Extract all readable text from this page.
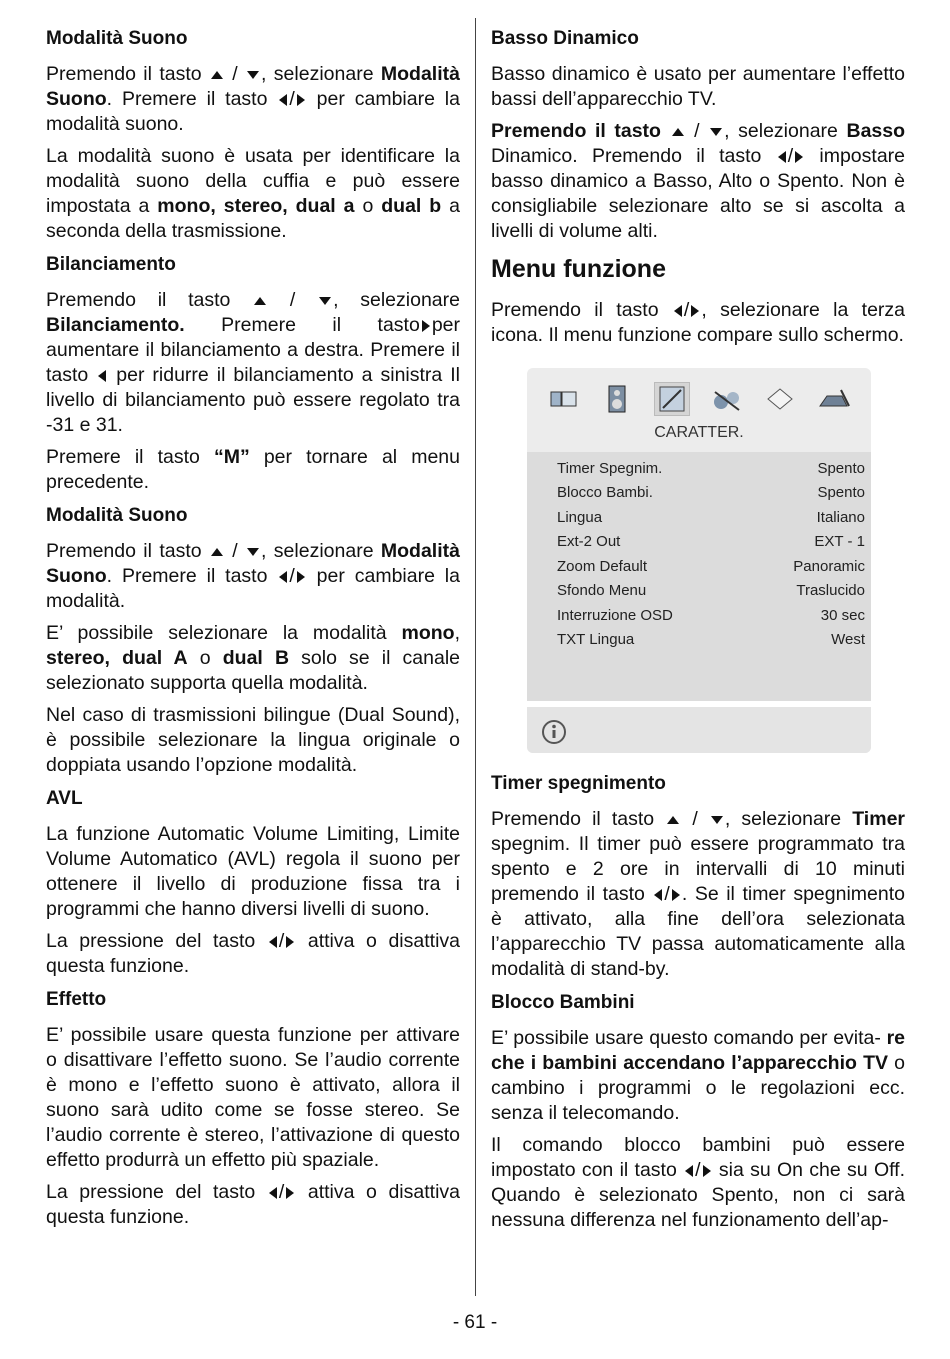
Modalità Suono

Premendo il tasto / , selezionare Modalità Suono. Premere il tasto / per cambiare la modalità suono.

La modalità suono è usata per identificare la modalità suono della cuffia e può essere impostata a mono, stereo, dual a o dual b a seconda della trasmissione.

Bilanciamento

Premendo il tasto	/ , selezionare Bilanciamento. Premere il tasto per aumentare il bilanciamento a destra. Premere il tasto per ridurre il bilanciamento a sinistra Il livello di bilanciamento può essere regolato tra -31 e 31.

Premere il tasto “M” per tornare al menu precedente.

Modalità Suono

Premendo il tasto / , selezionare Modalità Suono. Premere il tasto / per cambiare la modalità.

E’ possibile selezionare la modalità mono, stereo, dual A o dual B solo se il canale selezionato supporta quella modalità.

Nel caso di trasmissioni bilingue (Dual Sound), è possibile selezionare la lingua originale o doppiata usando l’opzione modalità.

AVL

La funzione Automatic Volume Limiting, Limite Volume Automatico (AVL) regola il suono per ottenere il livello di produzione fissa tra i programmi che hanno diversi livelli di suono.

La pressione del tasto / attiva o disattiva questa funzione.

Effetto

E’ possibile usare questa funzione per attivare o disattivare l’effetto suono. Se l’audio corrente è mono e l’effetto suono è attivato, allora il suono sarà udito come se fosse stereo. Se l’audio corrente è stereo, l’attivazione di questo effetto produrrà un effetto più spaziale.

La pressione del tasto / attiva o disattiva questa funzione.

Basso Dinamico

Basso dinamico è usato per aumentare l’effetto bassi dell’apparecchio TV.

Premendo il tasto / , selezionare Basso Dinamico. Premendo il tasto / impostare basso dinamico a Basso, Alto o Spento. Non è consigliabile selezionare alto se si ascolta a livelli di volume alti.

Menu funzione

Premendo il tasto / , selezionare la terza icona. Il menu funzione compare sullo schermo.

CARATTER.
Timer Spegnim.	Spento
Blocco Bambi.	Spento
Lingua	Italiano
Ext-2 Out	EXT - 1
Zoom Default	Panoramic
Sfondo Menu	Traslucido
Interruzione OSD	30 sec
TXT Lingua	West
Timer spegnimento

Premendo il tasto / , selezionare Timer spegnim. Il timer può essere programmato tra spento e 2 ore in intervalli di 10 minuti premendo il tasto / . Se il timer spegnimento è attivato, alla fine dell’ora selezionata l’apparecchio TV passa automaticamente alla modalità di stand-by.

Blocco Bambini

E’ possibile usare questo comando per evita- re che i bambini accendano l’apparecchio TV o cambino i programmi o le regolazioni ecc. senza il telecomando.

Il comando blocco bambini può essere impostato con il tasto / sia su On che su Off. Quando è selezionato Spento, non ci sarà nessuna differenza nel funzionamento dell’ap-

- 61 -
